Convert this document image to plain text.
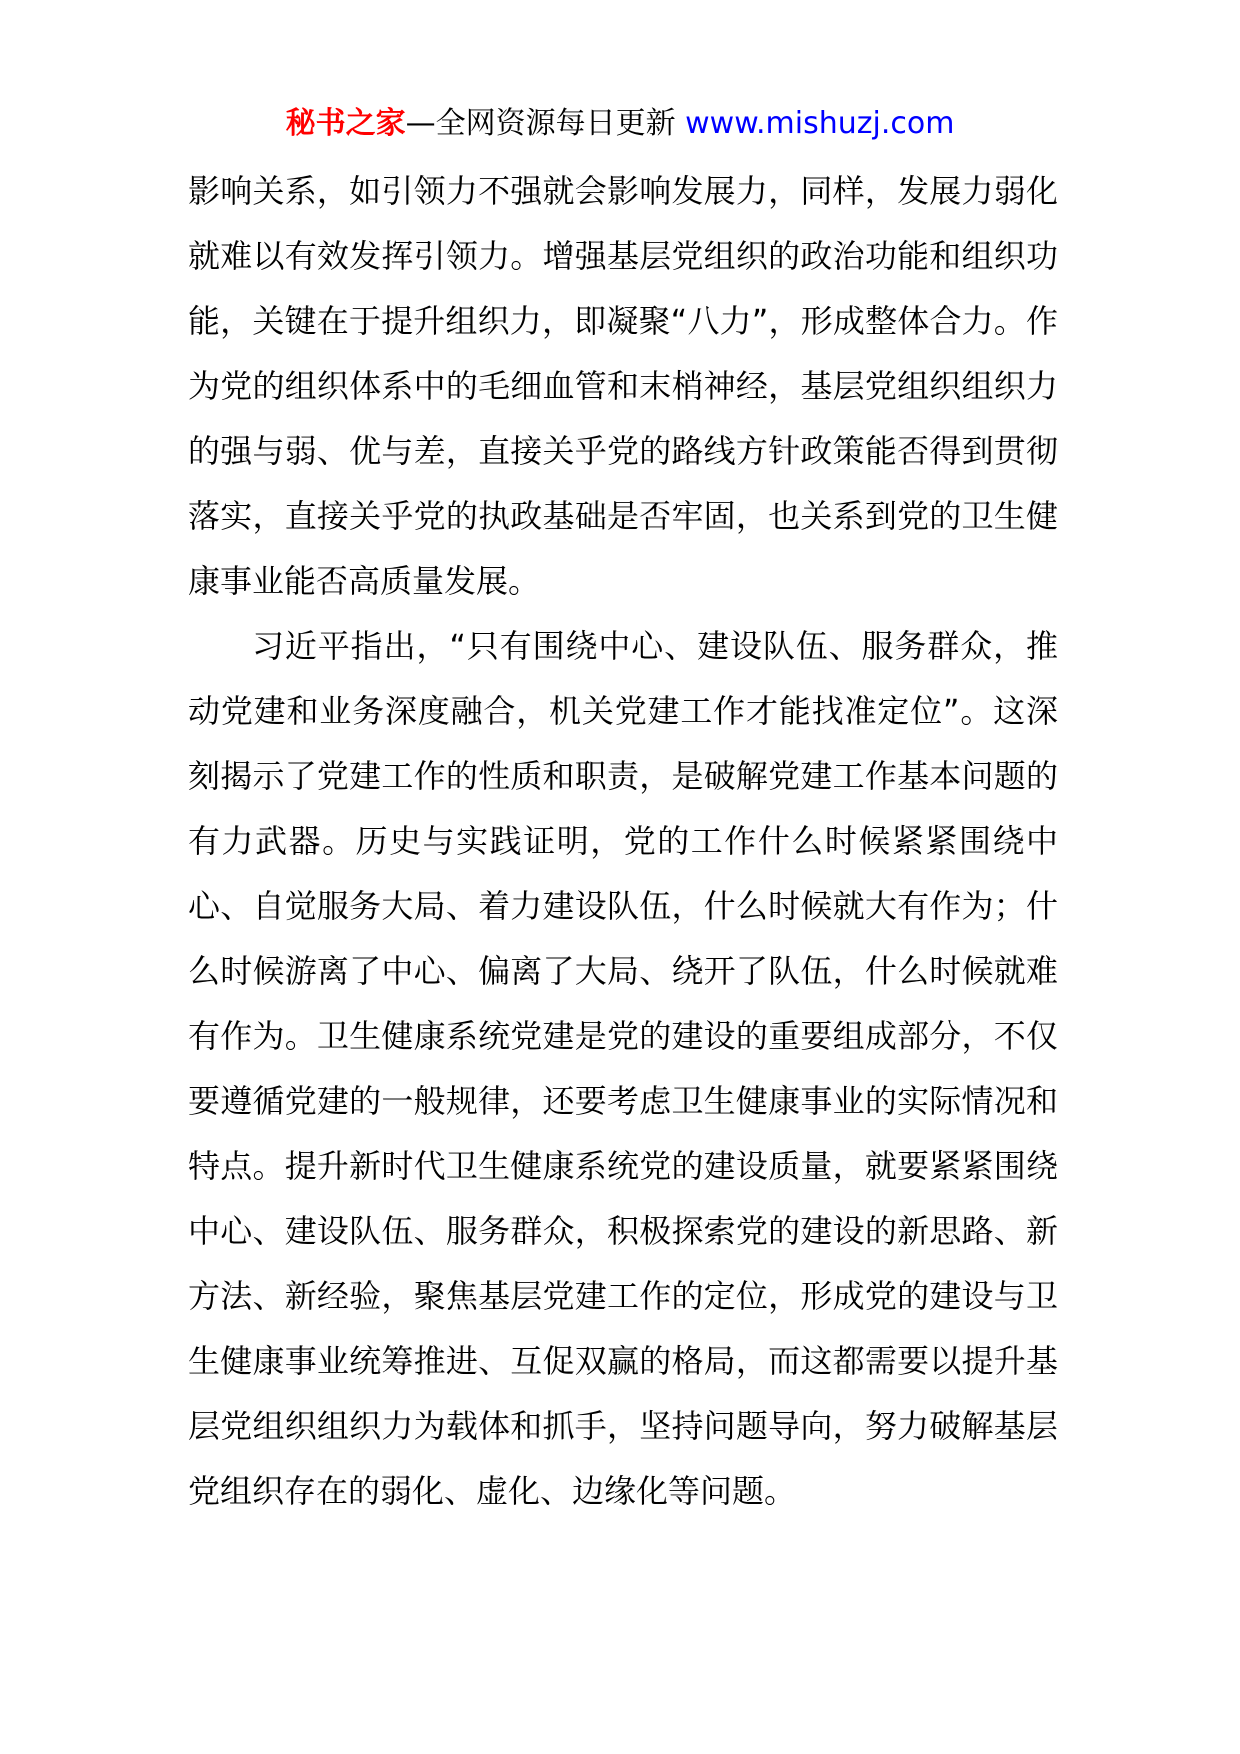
秘书之家—全网资源每日更新 www.mishuzj.com

影响关系，如引领力不强就会影响发展力，同样，发展力弱化就难以有效发挥引领力。增强基层党组织的政治功能和组织功能，关键在于提升组织力，即凝聚“八力”，形成整体合力。作为党的组织体系中的毛细血管和末梢神经，基层党组织组织力的强与弱、优与差，直接关乎党的路线方针政策能否得到贯彻落实，直接关乎党的执政基础是否牢固，也关系到党的卫生健康事业能否高质量发展。

习近平指出，“只有围绕中心、建设队伍、服务群众，推动党建和业务深度融合，机关党建工作才能找准定位”。这深刻揭示了党建工作的性质和职责，是破解党建工作基本问题的有力武器。历史与实践证明，党的工作什么时候紧紧围绕中心、自觉服务大局、着力建设队伍，什么时候就大有作为；什么时候游离了中心、偏离了大局、绕开了队伍，什么时候就难有作为。卫生健康系统党建是党的建设的重要组成部分，不仅要遵循党建的一般规律，还要考虑卫生健康事业的实际情况和特点。提升新时代卫生健康系统党的建设质量，就要紧紧围绕中心、建设队伍、服务群众，积极探索党的建设的新思路、新方法、新经验，聚焦基层党建工作的定位，形成党的建设与卫生健康事业统筹推进、互促双赢的格局，而这都需要以提升基层党组织组织力为载体和抓手，坚持问题导向，努力破解基层党组织存在的弱化、虚化、边缘化等问题。
